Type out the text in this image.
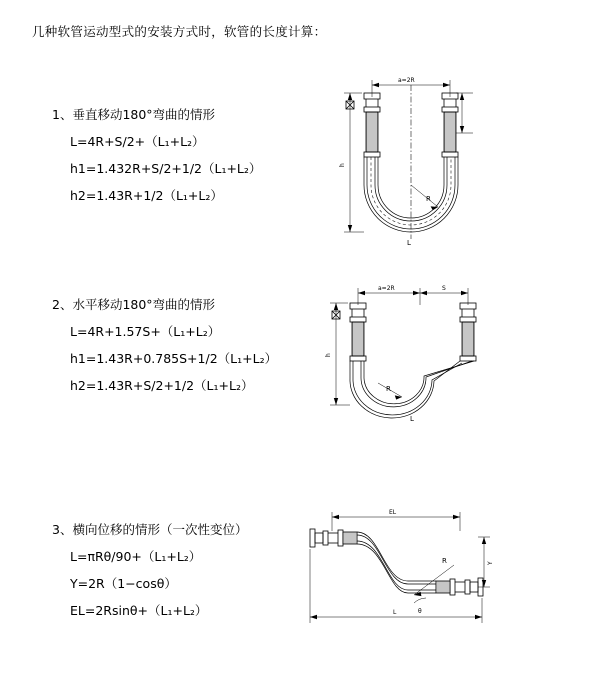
几种软管运动型式的安装方式时，软管的长度计算：
1、垂直移动180°弯曲的情形
L=4R+S/2+（L₁+L₂）
h1=1.432R+S/2+1/2（L₁+L₂）
h2=1.43R+1/2（L₁+L₂）
a=2R
R
L
h
2、水平移动180°弯曲的情形
L=4R+1.57S+（L₁+L₂）
h1=1.43R+0.785S+1/2（L₁+L₂）
h2=1.43R+S/2+1/2（L₁+L₂）
a=2R	S
R
L
h
3、横向位移的情形（一次性变位）
L=πRθ/90+（L₁+L₂）
Y=2R（1−cosθ）
EL=2Rsinθ+（L₁+L₂）
EL
R
θ
Y
L
